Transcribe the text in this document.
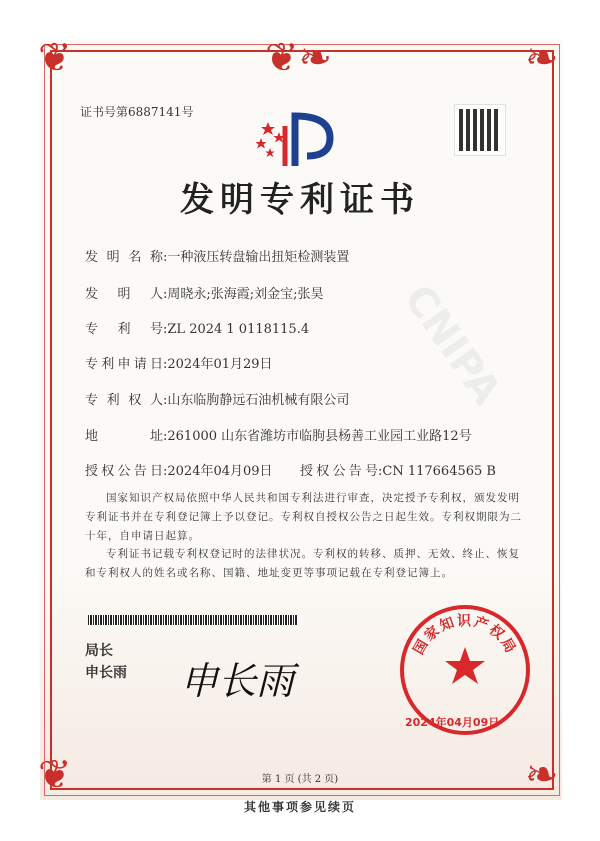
❦❧
❦	❧
❦	❧
CNIPA
证书号第6887141号
发明专利证书
发明名称:一种液压转盘输出扭矩检测装置
发明人:周晓永;张海霞;刘金宝;张昊
专利号:ZL 2024 1 0118115.4
专利申请日:2024年01月29日
专利权人:山东临朐静远石油机械有限公司
地址:261000 山东省潍坊市临朐县杨善工业园工业路12号
授权公告日:2024年04月09日 授权公告号:CN 117664565 B
国家知识产权局依照中华人民共和国专利法进行审查，决定授予专利权，颁发发明专利证书并在专利登记簿上予以登记。专利权自授权公告之日起生效。专利权期限为二十年，自申请日起算。
专利证书记载专利权登记时的法律状况。专利权的转移、质押、无效、终止、恢复和专利权人的姓名或名称、国籍、地址变更等事项记载在专利登记簿上。
局长
申长雨 申长雨
国家知识产权局
2024年04月09日
第 1 页 (共 2 页)
其他事项参见续页
